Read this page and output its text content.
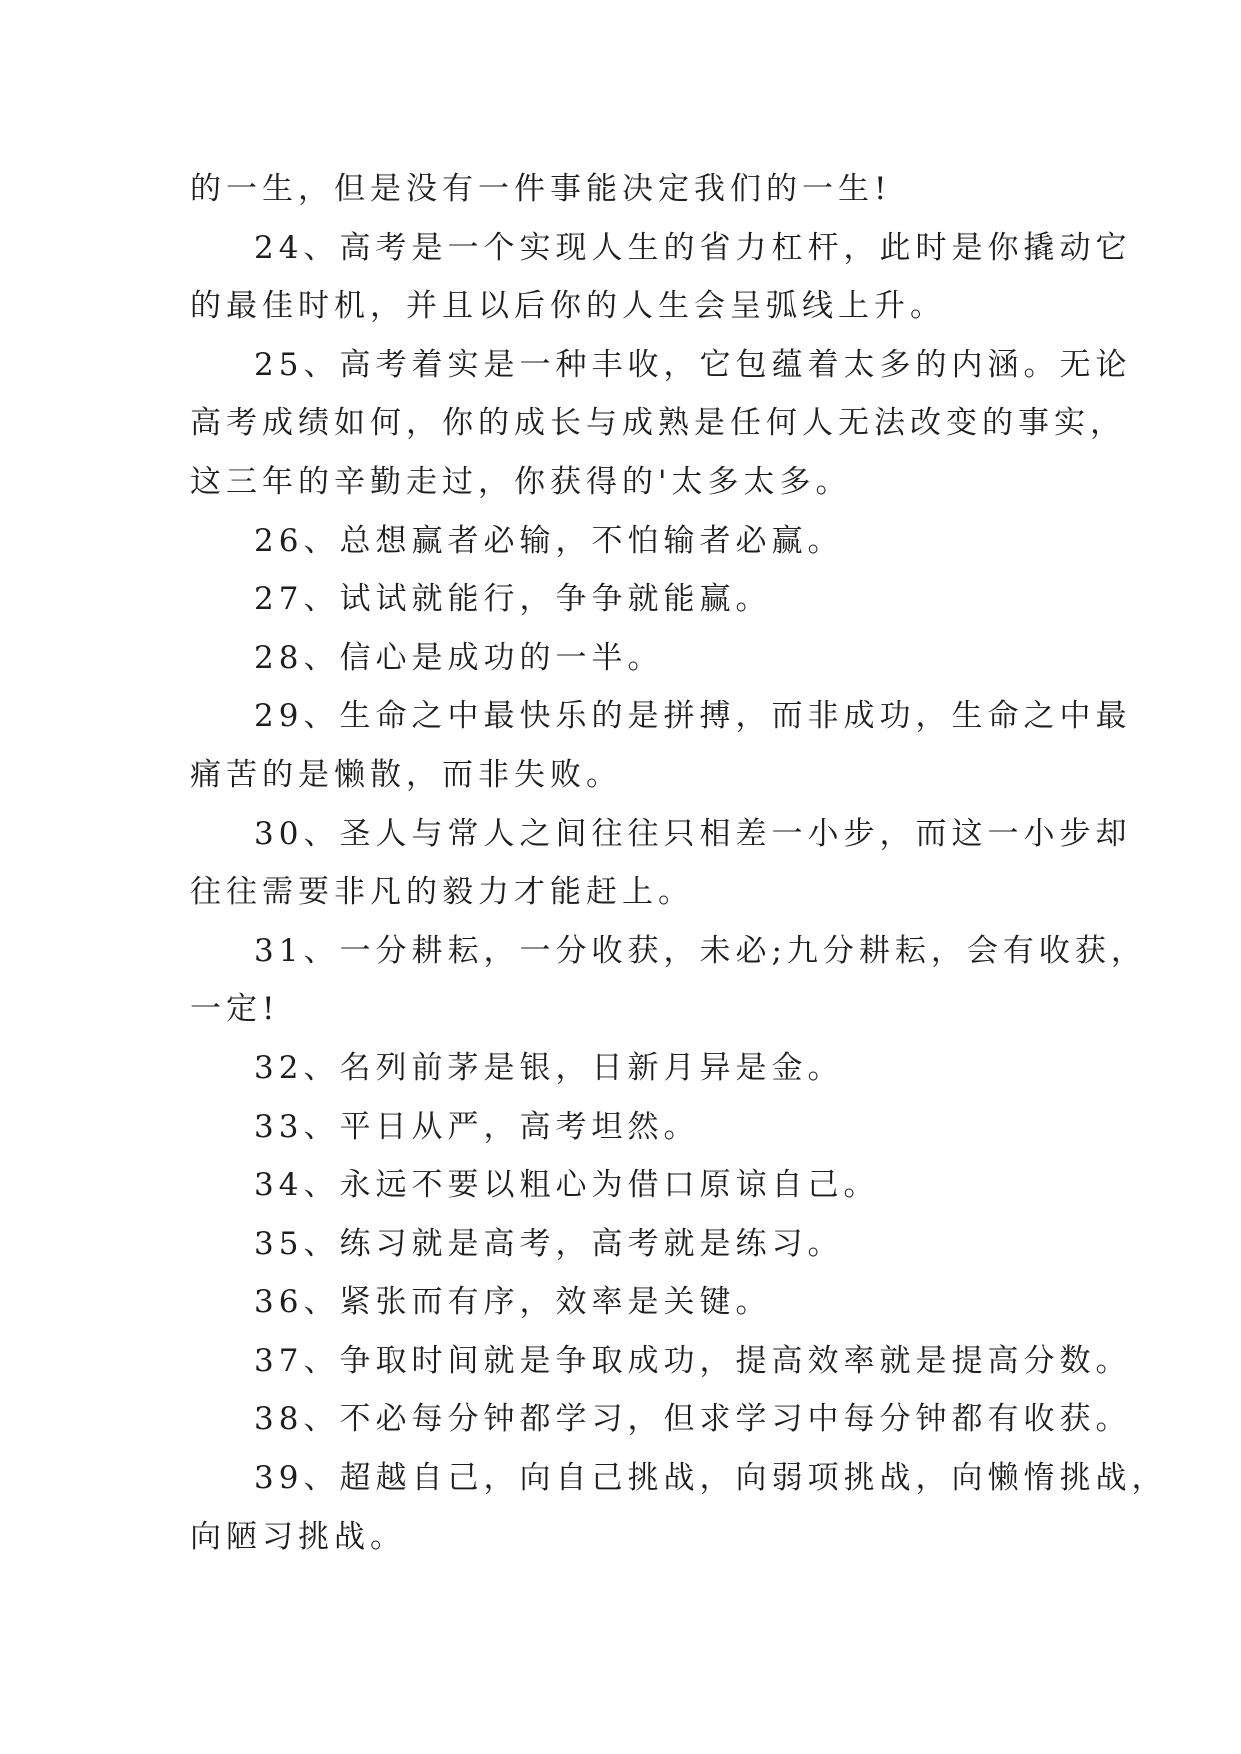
的一生，但是没有一件事能决定我们的一生!
24、高考是一个实现人生的省力杠杆，此时是你撬动它
的最佳时机，并且以后你的人生会呈弧线上升。
25、高考着实是一种丰收，它包蕴着太多的内涵。无论
高考成绩如何，你的成长与成熟是任何人无法改变的事实，
这三年的辛勤走过，你获得的'太多太多。
26、总想赢者必输，不怕输者必赢。
27、试试就能行，争争就能赢。
28、信心是成功的一半。
29、生命之中最快乐的是拼搏，而非成功，生命之中最
痛苦的是懒散，而非失败。
30、圣人与常人之间往往只相差一小步，而这一小步却
往往需要非凡的毅力才能赶上。
31、一分耕耘，一分收获，未必;九分耕耘，会有收获，
一定!
32、名列前茅是银，日新月异是金。
33、平日从严，高考坦然。
34、永远不要以粗心为借口原谅自己。
35、练习就是高考，高考就是练习。
36、紧张而有序，效率是关键。
37、争取时间就是争取成功，提高效率就是提高分数。
38、不必每分钟都学习，但求学习中每分钟都有收获。
39、超越自己，向自己挑战，向弱项挑战，向懒惰挑战，
向陋习挑战。
